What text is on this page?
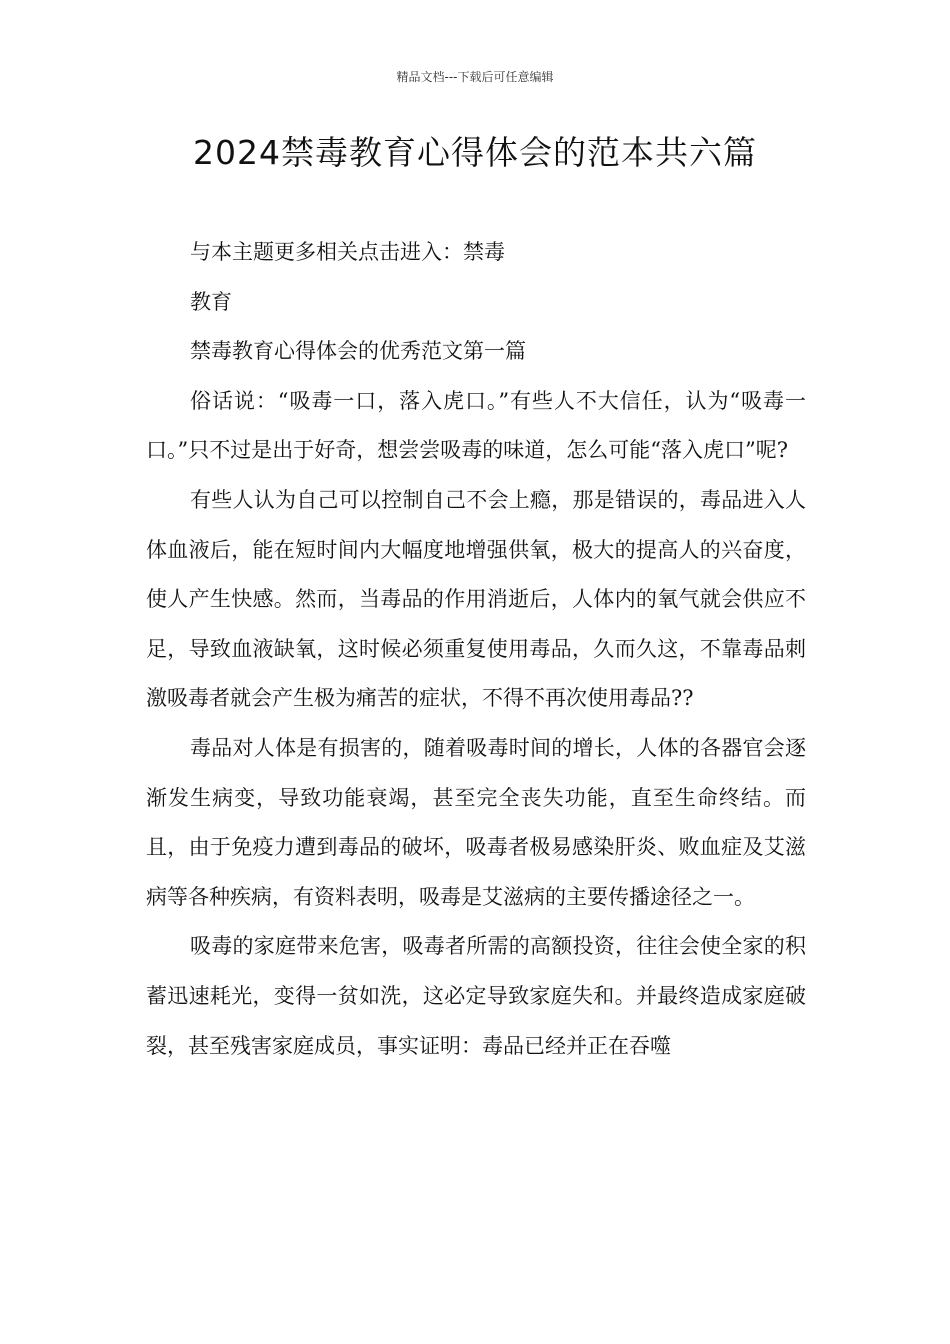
精品文档---下载后可任意编辑
2024禁毒教育心得体会的范本共六篇

与本主题更多相关点击进入：禁毒

教育

禁毒教育心得体会的优秀范文第一篇

俗话说：“吸毒一口，落入虎口。”有些人不大信任，认为“吸毒一口。”只不过是出于好奇，想尝尝吸毒的味道，怎么可能“落入虎口”呢?

有些人认为自己可以控制自己不会上瘾，那是错误的，毒品进入人体血液后，能在短时间内大幅度地增强供氧，极大的提高人的兴奋度，使人产生快感。然而，当毒品的作用消逝后，人体内的氧气就会供应不足，导致血液缺氧，这时候必须重复使用毒品，久而久这，不靠毒品刺激吸毒者就会产生极为痛苦的症状，不得不再次使用毒品??

毒品对人体是有损害的，随着吸毒时间的增长，人体的各器官会逐渐发生病变，导致功能衰竭，甚至完全丧失功能，直至生命终结。而且，由于免疫力遭到毒品的破坏，吸毒者极易感染肝炎、败血症及艾滋病等各种疾病，有资料表明，吸毒是艾滋病的主要传播途径之一。

吸毒的家庭带来危害，吸毒者所需的高额投资，往往会使全家的积蓄迅速耗光，变得一贫如洗，这必定导致家庭失和。并最终造成家庭破裂，甚至残害家庭成员，事实证明：毒品已经并正在吞噬
